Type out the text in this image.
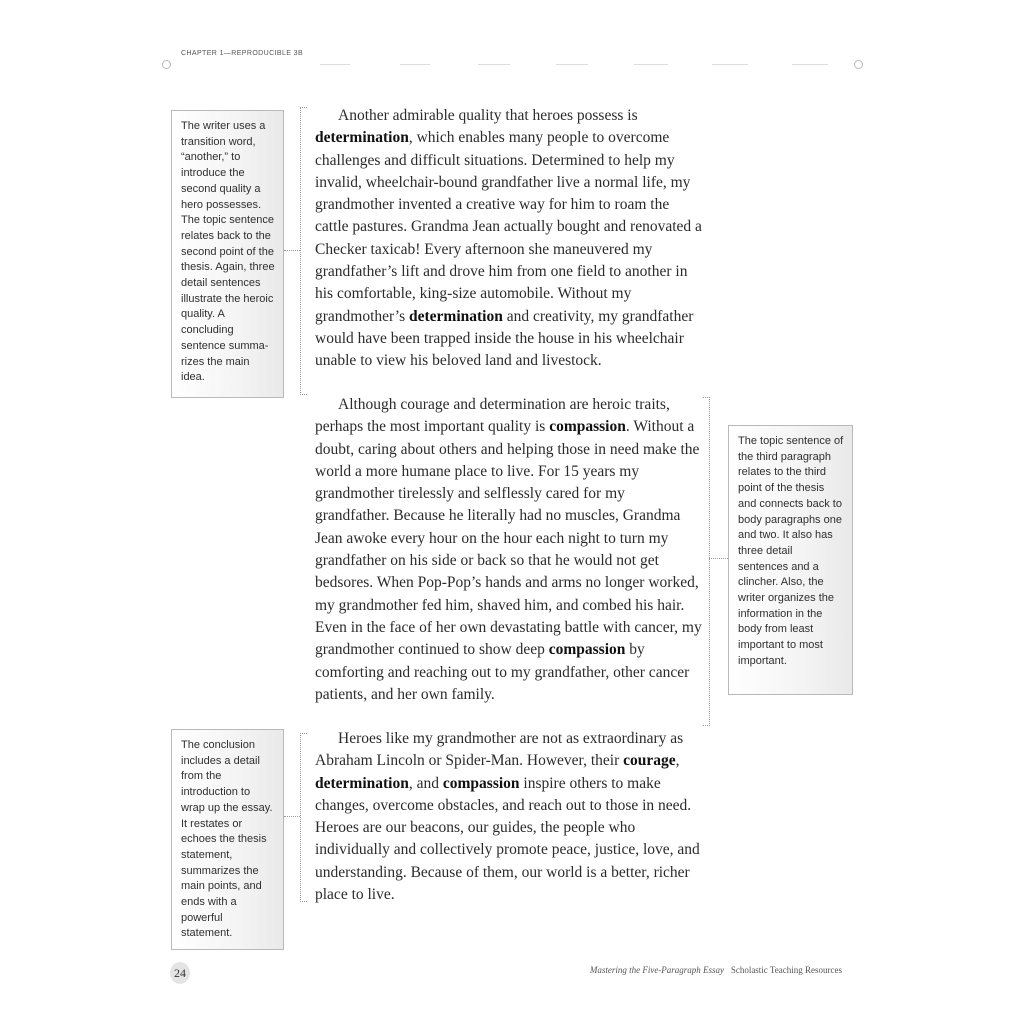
CHAPTER 1—REPRODUCIBLE 3B
The writer uses a transition word, “another,” to introduce the second quality a hero possesses. The topic sentence relates back to the second point of the thesis. Again, three detail sentences illustrate the heroic quality. A concluding sentence summa-rizes the main idea.
The topic sentence of the third paragraph relates to the third point of the thesis and connects back to body paragraphs one and two. It also has three detail sentences and a clincher. Also, the writer organizes the information in the body from least important to most important.
The conclusion includes a detail from the introduction to wrap up the essay. It restates or echoes the thesis statement, summarizes the main points, and ends with a powerful statement.

Another admirable quality that heroes possess is determination, which enables many people to overcome challenges and difficult situations. Determined to help my invalid, wheelchair-bound grandfather live a normal life, my grandmother invented a creative way for him to roam the cattle pastures. Grandma Jean actually bought and renovated a Checker taxicab! Every afternoon she maneuvered my grandfather’s lift and drove him from one field to another in his comfortable, king-size automobile. Without my grandmother’s determination and creativity, my grandfather would have been trapped inside the house in his wheelchair unable to view his beloved land and livestock.

Although courage and determination are heroic traits, perhaps the most important quality is compassion. Without a doubt, caring about others and helping those in need make the world a more humane place to live. For 15 years my grandmother tirelessly and selflessly cared for my grandfather. Because he literally had no muscles, Grandma Jean awoke every hour on the hour each night to turn my grandfather on his side or back so that he would not get bedsores. When Pop-Pop’s hands and arms no longer worked, my grandmother fed him, shaved him, and combed his hair. Even in the face of her own devastating battle with cancer, my grandmother continued to show deep compassion by comforting and reaching out to my grandfather, other cancer patients, and her own family.

Heroes like my grandmother are not as extraordinary as Abraham Lincoln or Spider-Man. However, their courage, determination, and compassion inspire others to make changes, overcome obstacles, and reach out to those in need. Heroes are our beacons, our guides, the people who individually and collectively promote peace, justice, love, and understanding. Because of them, our world is a better, richer place to live.

24	Mastering the Five-Paragraph Essay Scholastic Teaching Resources
